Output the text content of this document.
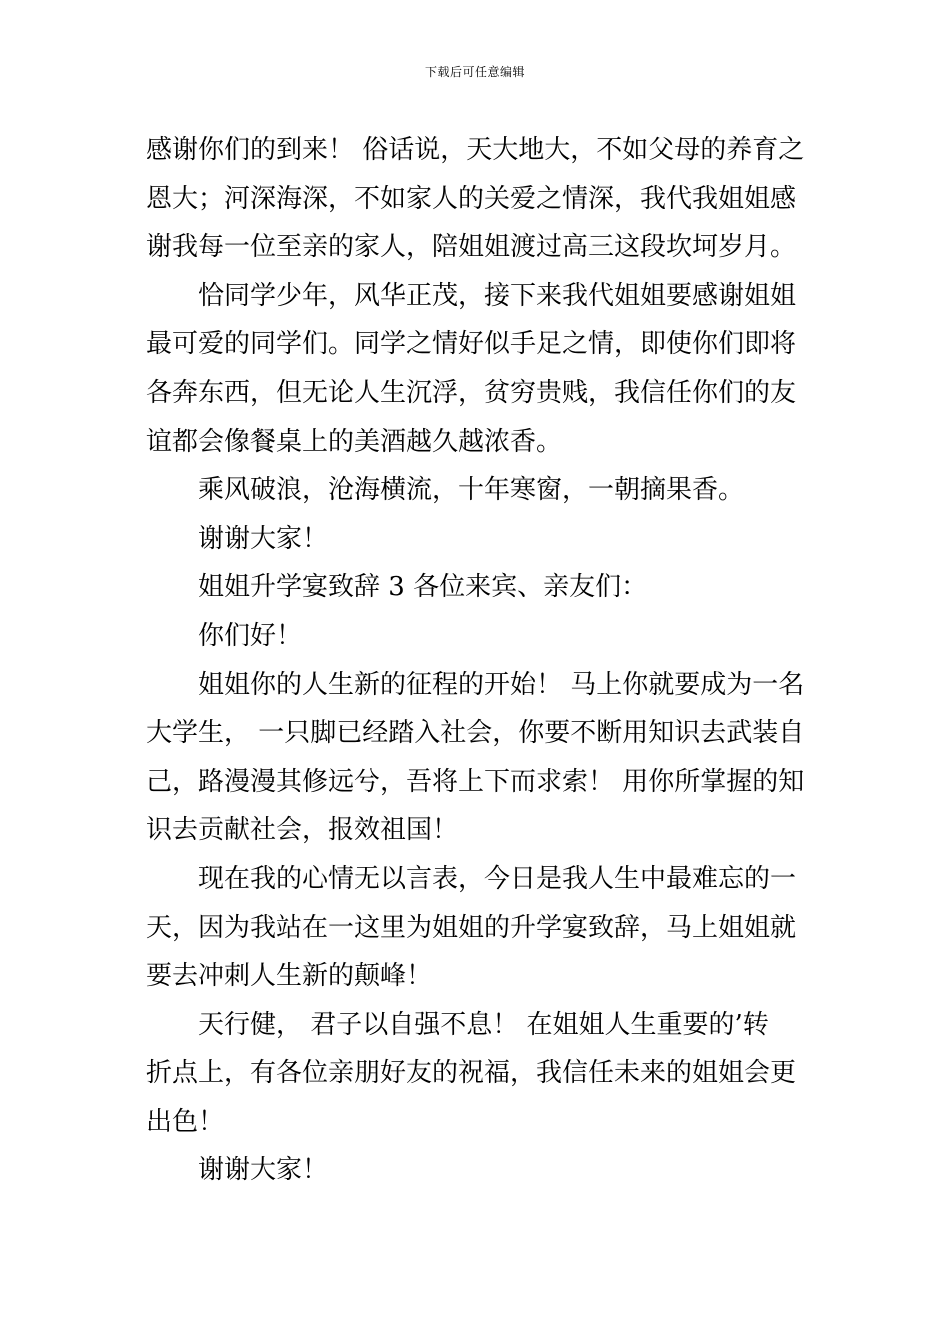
下载后可任意编辑
感谢你们的到来！ 俗话说，天大地大，不如父母的养育之
恩大；河深海深，不如家人的关爱之情深，我代我姐姐感
谢我每一位至亲的家人，陪姐姐渡过高三这段坎坷岁月。
恰同学少年，风华正茂，接下来我代姐姐要感谢姐姐
最可爱的同学们。同学之情好似手足之情，即使你们即将
各奔东西，但无论人生沉浮，贫穷贵贱，我信任你们的友
谊都会像餐桌上的美酒越久越浓香。
乘风破浪，沧海横流，十年寒窗，一朝摘果香。
谢谢大家！
姐姐升学宴致辞 3 各位来宾、亲友们：
你们好！
姐姐你的人生新的征程的开始！ 马上你就要成为一名
大学生， 一只脚已经踏入社会，你要不断用知识去武装自
己，路漫漫其修远兮，吾将上下而求索！ 用你所掌握的知
识去贡献社会，报效祖国！
现在我的心情无以言表，今日是我人生中最难忘的一
天，因为我站在一这里为姐姐的升学宴致辞，马上姐姐就
要去冲刺人生新的颠峰！
天行健， 君子以自强不息！ 在姐姐人生重要的’转
折点上，有各位亲朋好友的祝福，我信任未来的姐姐会更
出色！
谢谢大家！
